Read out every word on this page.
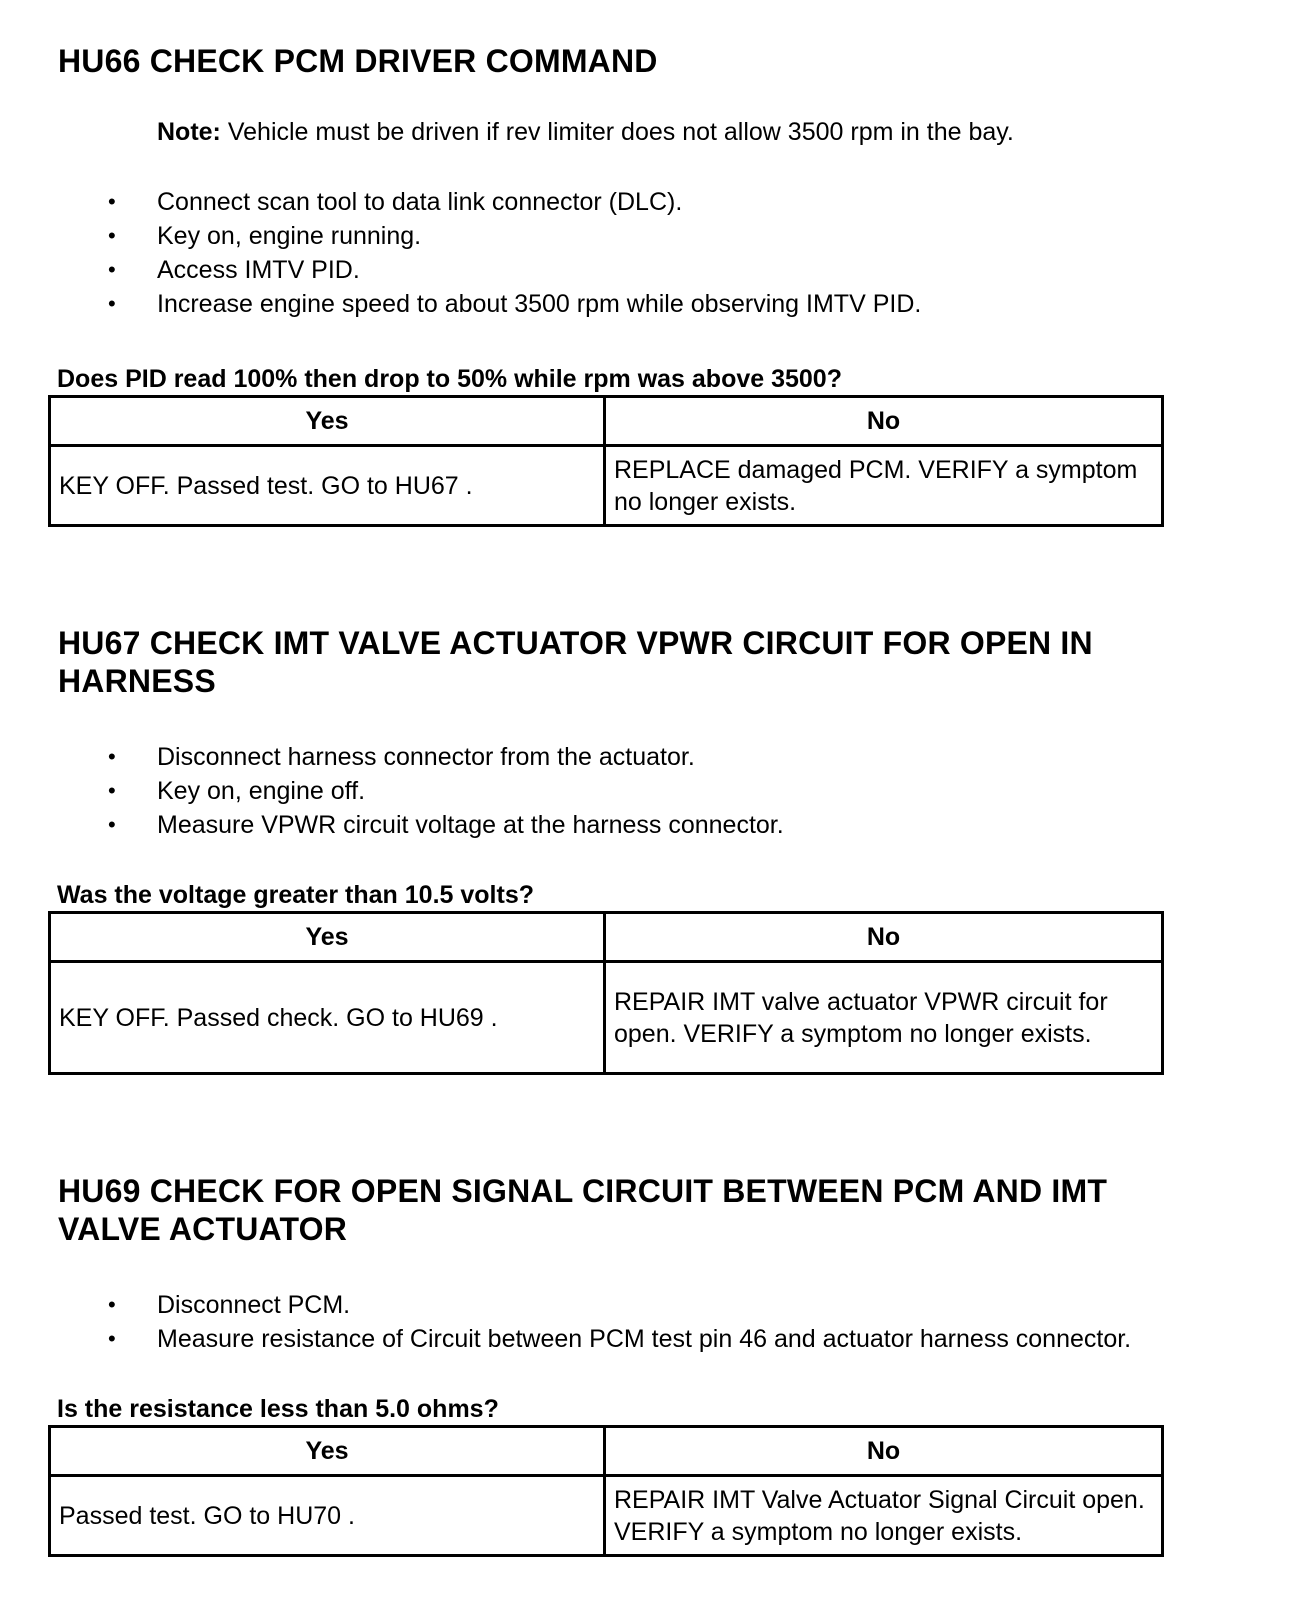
HU66 CHECK PCM DRIVER COMMAND
Note: Vehicle must be driven if rev limiter does not allow 3500 rpm in the bay.
• Connect scan tool to data link connector (DLC).
• Key on, engine running.
• Access IMTV PID.
• Increase engine speed to about 3500 rpm while observing IMTV PID.
Does PID read 100% then drop to 50% while rpm was above 3500?
Yes	No
KEY OFF. Passed test. GO to HU67 .	REPLACE damaged PCM. VERIFY a symptom no longer exists.
HU67 CHECK IMT VALVE ACTUATOR VPWR CIRCUIT FOR OPEN IN
HARNESS
• Disconnect harness connector from the actuator.
• Key on, engine off.
• Measure VPWR circuit voltage at the harness connector.
Was the voltage greater than 10.5 volts?
Yes	No
KEY OFF. Passed check. GO to HU69 .	REPAIR IMT valve actuator VPWR circuit for open. VERIFY a symptom no longer exists.
HU69 CHECK FOR OPEN SIGNAL CIRCUIT BETWEEN PCM AND IMT
VALVE ACTUATOR
• Disconnect PCM.
• Measure resistance of Circuit between PCM test pin 46 and actuator harness connector.
Is the resistance less than 5.0 ohms?
Yes	No
Passed test. GO to HU70 .	REPAIR IMT Valve Actuator Signal Circuit open. VERIFY a symptom no longer exists.
